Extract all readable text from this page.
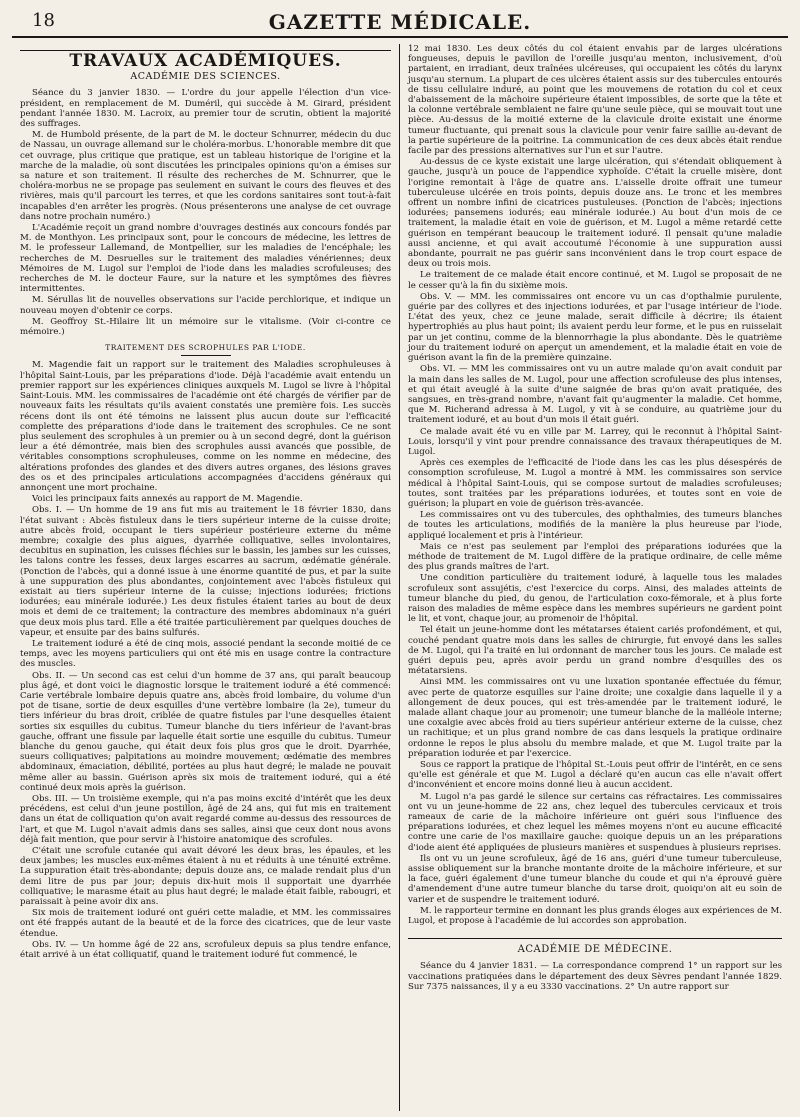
18	GAZETTE MÉDICALE.
TRAVAUX ACADÉMIQUES.
ACADÉMIE DES SCIENCES.

Séance du 3 janvier 1830. — L'ordre du jour appelle l'élection d'un vice-président, en remplacement de M. Duméril, qui succède à M. Girard, président pendant l'année 1830. M. Lacroix, au premier tour de scrutin, obtient la majorité des suffrages.

M. de Humbold présente, de la part de M. le docteur Schnurrer, médecin du duc de Nassau, un ouvrage allemand sur le choléra-morbus. L'honorable membre dit que cet ouvrage, plus critique que pratique, est un tableau historique de l'origine et la marche de la maladie, où sont discutées les principales opinions qu'on a émises sur sa nature et son traitement. Il résulte des recherches de M. Schnurrer, que le choléra-morbus ne se propage pas seulement en suivant le cours des fleuves et des rivières, mais qu'il parcourt les terres, et que les cordons sanitaires sont tout-à-fait incapables d'en arrêter les progrès. (Nous présenterons une analyse de cet ouvrage dans notre prochain numéro.)

L'Académie reçoit un grand nombre d'ouvrages destinés aux concours fondés par M. de Monthyon. Les principaux sont, pour le concours de médecine, les lettres de M. le professeur Lallemand, de Montpellier, sur les maladies de l'encéphale; les recherches de M. Desruelles sur le traitement des maladies vénériennes; deux Mémoires de M. Lugol sur l'emploi de l'iode dans les maladies scrofuleuses; des recherches de M. le docteur Faure, sur la nature et les symptômes des fièvres intermittentes.

M. Sérullas lit de nouvelles observations sur l'acide perchlorique, et indique un nouveau moyen d'obtenir ce corps.

M. Geoffroy St.-Hilaire lit un mémoire sur le vitalisme. (Voir ci-contre ce mémoire.)

TRAITEMENT DES SCROPHULES PAR L'IODE.

M. Magendie fait un rapport sur le traitement des Maladies scrophuleuses à l'hôpital Saint-Louis, par les préparations d'iode. Déjà l'académie avait entendu un premier rapport sur les expériences cliniques auxquels M. Lugol se livre à l'hôpital Saint-Louis. MM. les commissaires de l'académie ont été chargés de vérifier par de nouveaux faits les résultats qu'ils avaient constatés une première fois. Les succès récens dont ils ont été témoins ne laissent plus aucun doute sur l'efficacité complette des préparations d'iode dans le traitement des scrophules. Ce ne sont plus seulement des scrophules à un premier ou à un second degré, dont la guérison leur a été démontrée, mais bien des scrophules aussi avancés que possible, de véritables consomptions scrophuleuses, comme on les nomme en médecine, des altérations profondes des glandes et des divers autres organes, des lésions graves des os et des principales articulations accompagnées d'accidens généraux qui annonçent une mort prochaine.

Voici les principaux faits annexés au rapport de M. Magendie.

Obs. I. — Un homme de 19 ans fut mis au traitement le 18 février 1830, dans l'état suivant : Abcès fistuleux dans le tiers supérieur interne de la cuisse droite; autre abcès froid, occupant le tiers supérieur postérieure externe du même membre; coxalgie des plus aigues, dyarrhée colliquative, selles involontaires, decubitus en supination, les cuisses fléchies sur le bassin, les jambes sur les cuisses, les talons contre les fesses, deux larges escarres au sacrum, œdématie générale. (Ponction de l'abcès, qui a donné issue à une énorme quantité de pus, et par la suite à une suppuration des plus abondantes, conjointement avec l'abcès fistuleux qui existait au tiers supérieur interne de la cuisse; injections iodurées; frictions iodurées; eau minérale iodurée.) Les deux fistules étaient taries au bout de deux mois et demi de ce traitement; la contracture des membres abdominaux n'a guéri que deux mois plus tard. Elle a été traitée particulièrement par quelques douches de vapeur, et ensuite par des bains sulfurés.

Le traitement ioduré a été de cinq mois, associé pendant la seconde moitié de ce temps, avec les moyens particuliers qui ont été mis en usage contre la contracture des muscles.

Obs. II. — Un second cas est celui d'un homme de 37 ans, qui paraît beaucoup plus âgé, et dont voici le diagnostic lorsque le traitement ioduré a été commencé: Carie vertébrale lombaire depuis quatre ans, abcès froid lombaire, du volume d'un pot de tisane, sortie de deux esquilles d'une vertèbre lombaire (la 2e), tumeur du tiers inférieur du bras droit, criblée de quatre fistules par l'une desquelles étaient sorties six esquilles du cubitus. Tumeur blanche du tiers inférieur de l'avant-bras gauche, offrant une fissule par laquelle était sortie une esquille du cubitus. Tumeur blanche du genou gauche, qui était deux fois plus gros que le droit. Dyarrhée, sueurs colliquatives; palpitations au moindre mouvement; œdématie des membres abdominaux, émaciation, débilité, portées au plus haut degré; le malade ne pouvait même aller au bassin. Guérison après six mois de traitement ioduré, qui a été continué deux mois après la guérison.

Obs. III. — Un troisième exemple, qui n'a pas moins excité d'intérêt que les deux précédens, est celui d'un jeune postillon, âgé de 24 ans, qui fut mis en traitement dans un état de colliquation qu'on avait regardé comme au-dessus des ressources de l'art, et que M. Lugol n'avait admis dans ses salles, ainsi que ceux dont nous avons déjà fait mention, que pour servir à l'histoire anatomique des scrofules.

C'était une scrofule cutanée qui avait dévoré les deux bras, les épaules, et les deux jambes; les muscles eux-mêmes étaient à nu et réduits à une ténuité extrême. La suppuration était très-abondante; depuis douze ans, ce malade rendait plus d'un demi litre de pus par jour; depuis dix-huit mois il supportait une dyarrhée colliquative; le marasme était au plus haut degré; le malade était faible, rabougri, et paraissait à peine avoir dix ans.

Six mois de traitement ioduré ont guéri cette maladie, et MM. les commissaires ont été frappés autant de la beauté et de la force des cicatrices, que de leur vaste étendue.

Obs. IV. — Un homme âgé de 22 ans, scrofuleux depuis sa plus tendre enfance, était arrivé à un état colliquatif, quand le traitement ioduré fut commencé, le

12 mai 1830. Les deux côtés du col étaient envahis par de larges ulcérations fongueuses, depuis le pavillon de l'oreille jusqu'au menton, inclusivement, d'où partaient, en irradiant, deux traînées ulcéreuses, qui occupaient les côtés du larynx jusqu'au sternum. La plupart de ces ulcères étaient assis sur des tubercules entourés de tissu cellulaire induré, au point que les mouvemens de rotation du col et ceux d'abaissement de la mâchoire supérieure étaient impossibles, de sorte que la tête et la colonne vertébrale semblaient ne faire qu'une seule pièce, qui se mouvait tout une pièce. Au-dessus de la moitié externe de la clavicule droite existait une énorme tumeur fluctuante, qui prenait sous la clavicule pour venir faire saillie au-devant de la partie supérieure de la poitrine. La communication de ces deux abcès était rendue facile par des pressions alternatives sur l'un et sur l'autre.

Au-dessus de ce kyste existait une large ulcération, qui s'étendait obliquement à gauche, jusqu'à un pouce de l'appendice xyphoïde. C'était la cruelle misère, dont l'origine remontait à l'âge de quatre ans. L'aisselle droite offrait une tumeur tuberculeuse ulcérée en trois points, depuis douze ans. Le tronc et les membres offrent un nombre infini de cicatrices pustuleuses. (Ponction de l'abcès; injections iodurées; pansemens iodurés; eau minérale iodurée.) Au bout d'un mois de ce traitement, la maladie était en voie de guérison, et M. Lugol a même retardé cette guérison en tempérant beaucoup le traitement ioduré. Il pensait qu'une maladie aussi ancienne, et qui avait accoutumé l'économie à une suppuration aussi abondante, pourrait ne pas guérir sans inconvénient dans le trop court espace de deux ou trois mois.

Le traitement de ce malade était encore continué, et M. Lugol se proposait de ne le cesser qu'à la fin du sixième mois.

Obs. V. — MM. les commissaires ont encore vu un cas d'opthalmie purulente, guérie par des collyres et des injections iodurées, et par l'usage intérieur de l'iode. L'état des yeux, chez ce jeune malade, serait difficile à décrire; ils étaient hypertrophiés au plus haut point; ils avaient perdu leur forme, et le pus en ruisselait par un jet continu, comme de la blennorrhagie la plus abondante. Dès le quatrième jour du traitement ioduré on aperçut un amendement, et la maladie était en voie de guérison avant la fin de la première quinzaine.

Obs. VI. — MM les commissaires ont vu un autre malade qu'on avait conduit par la main dans les salles de M. Lugol, pour une affection scrofuleuse des plus intenses, et qui était aveuglé à la suite d'une saignée de bras qu'on avait pratiquée, des sangsues, en très-grand nombre, n'avant fait qu'augmenter la maladie. Cet homme, que M. Richerand adressa à M. Lugol, y vit à se conduire, au quatrième jour du traitement ioduré, et au bout d'un mois il était guéri.

Ce malade avait été vu en ville par M. Larrey, qui le reconnut à l'hôpital Saint-Louis, lorsqu'il y vint pour prendre connaissance des travaux thérapeutiques de M. Lugol.

Après ces exemples de l'efficacité de l'iode dans les cas les plus désespérés de consomption scrofuleuse, M. Lugol a montré à MM. les commissaires son service médical à l'hôpital Saint-Louis, qui se compose surtout de maladies scrofuleuses; toutes, sont traitées par les préparations iodurées, et toutes sont en voie de guérison; la plupart en voie de guérison très-avancée.

Les commissaires ont vu des tubercules, des ophthalmies, des tumeurs blanches de toutes les articulations, modifiés de la manière la plus heureuse par l'iode, appliqué localement et pris à l'intérieur.

Mais ce n'est pas seulement par l'emploi des préparations iodurées que la méthode de traitement de M. Lugol diffère de la pratique ordinaire, de celle même des plus grands maîtres de l'art.

Une condition particulière du traitement ioduré, à laquelle tous les malades scrofuleux sont assujétis, c'est l'exercice du corps. Ainsi, des malades atteints de tumeur blanche du pied, du genou, de l'articulation coxo-fémorale, et à plus forte raison des maladies de même espèce dans les membres supérieurs ne gardent point le lit, et vont, chaque jour, au promenoir de l'hôpital.

Tel était un jeune-homme dont les métatarses étaient cariés profondément, et qui, couché pendant quatre mois dans les salles de chirurgie, fut envoyé dans les salles de M. Lugol, qui l'a traité en lui ordonnant de marcher tous les jours. Ce malade est guéri depuis peu, après avoir perdu un grand nombre d'esquilles des os métatarsiens.

Ainsi MM. les commissaires ont vu une luxation spontanée effectuée du fémur, avec perte de quatorze esquilles sur l'aine droite; une coxalgie dans laquelle il y a allongement de deux pouces, qui est très-amendée par le traitement ioduré, le malade allant chaque jour au promenoir; une tumeur blanche de la malléole interne; une coxalgie avec abcès froid au tiers supérieur antérieur externe de la cuisse, chez un rachitique; et un plus grand nombre de cas dans lesquels la pratique ordinaire ordonne le repos le plus absolu du membre malade, et que M. Lugol traite par la préparation iodurée et par l'exercice.

Sous ce rapport la pratique de l'hôpital St.-Louis peut offrir de l'intérêt, en ce sens qu'elle est générale et que M. Lugol a déclaré qu'en aucun cas elle n'avait offert d'inconvénient et encore moins donné lieu à aucun accident.

M. Lugol n'a pas gardé le silence sur certains cas réfractaires. Les commissaires ont vu un jeune-homme de 22 ans, chez lequel des tubercules cervicaux et trois rameaux de carie de la mâchoire inférieure ont guéri sous l'influence des préparations iodurées, et chez lequel les mêmes moyens n'ont eu aucune efficacité contre une carie de l'os maxillaire gauche: quoique depuis un an les préparations d'iode aient été appliquées de plusieurs manières et suspendues à plusieurs reprises.

Ils ont vu un jeune scrofuleux, âgé de 16 ans, guéri d'une tumeur tuberculeuse, assise obliquement sur la branche montante droite de la mâchoire inférieure, et sur la face, guéri également d'une tumeur blanche du coude et qui n'a éprouvé guère d'amendement d'une autre tumeur blanche du tarse droit, quoiqu'on ait eu soin de varier et de suspendre le traitement ioduré.

M. le rapporteur termine en donnant les plus grands éloges aux expériences de M. Lugol, et propose à l'académie de lui accordes son approbation.

ACADÉMIE DE MÉDECINE.

Séance du 4 janvier 1831. — La correspondance comprend 1° un rapport sur les vaccinations pratiquées dans le département des deux Sèvres pendant l'année 1829. Sur 7375 naissances, il y a eu 3330 vaccinations. 2° Un autre rapport sur
